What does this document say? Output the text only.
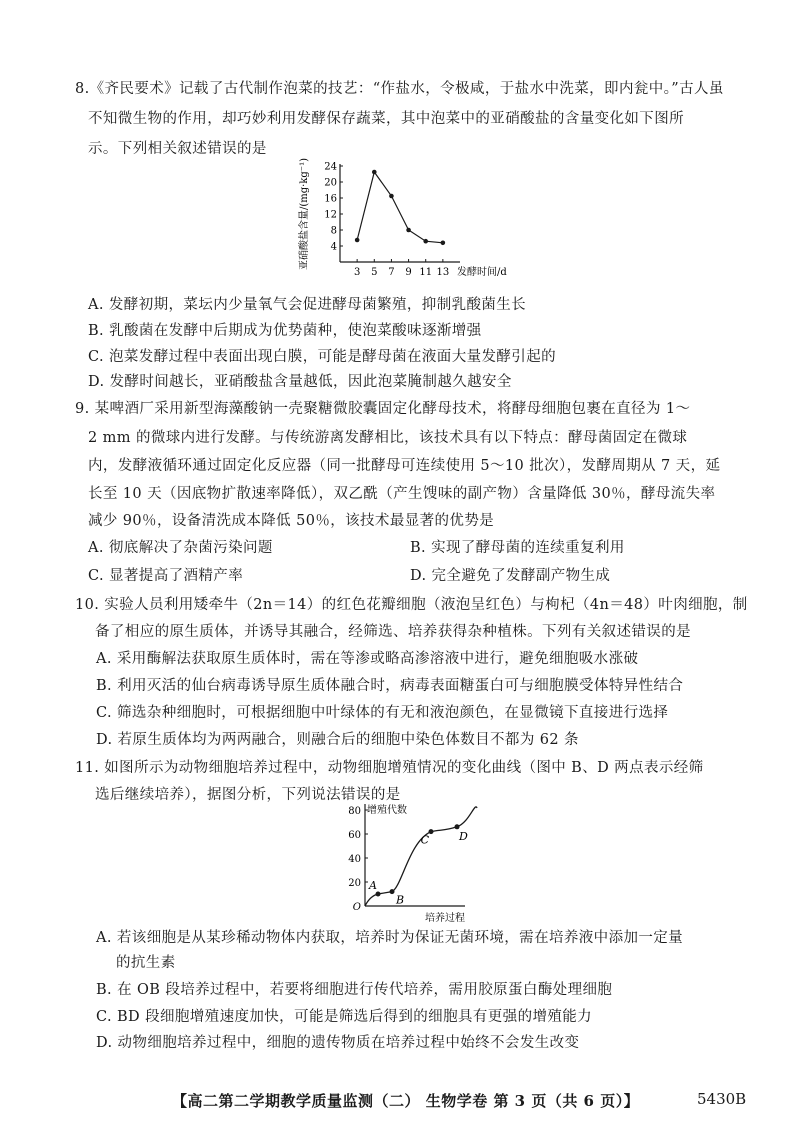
8.《齐民要术》记载了古代制作泡菜的技艺：“作盐水，令极咸，于盐水中洗菜，即内瓮中。”古人虽
不知微生物的作用，却巧妙利用发酵保存蔬菜，其中泡菜中的亚硝酸盐的含量变化如下图所
示。下列相关叙述错误的是
4
8
12
16
20
24
3 5 7 9 11 13 发酵时间/d
亚硝酸盐含量/(mg·kg⁻¹)
A. 发酵初期，菜坛内少量氧气会促进酵母菌繁殖，抑制乳酸菌生长
B. 乳酸菌在发酵中后期成为优势菌种，使泡菜酸味逐渐增强
C. 泡菜发酵过程中表面出现白膜，可能是酵母菌在液面大量发酵引起的
D. 发酵时间越长，亚硝酸盐含量越低，因此泡菜腌制越久越安全
9. 某啤酒厂采用新型海藻酸钠一壳聚糖微胶囊固定化酵母技术，将酵母细胞包裹在直径为 1～
2 mm 的微球内进行发酵。与传统游离发酵相比，该技术具有以下特点：酵母菌固定在微球
内，发酵液循环通过固定化反应器（同一批酵母可连续使用 5～10 批次），发酵周期从 7 天，延
长至 10 天（因底物扩散速率降低），双乙酰（产生馊味的副产物）含量降低 30％，酵母流失率
减少 90％，设备清洗成本降低 50％，该技术最显著的优势是
A. 彻底解决了杂菌污染问题	B. 实现了酵母菌的连续重复利用
C. 显著提高了酒精产率	D. 完全避免了发酵副产物生成
10. 实验人员利用矮牵牛（2n＝14）的红色花瓣细胞（液泡呈红色）与枸杞（4n＝48）叶肉细胞，制
备了相应的原生质体，并诱导其融合，经筛选、培养获得杂种植株。下列有关叙述错误的是
A. 采用酶解法获取原生质体时，需在等渗或略高渗溶液中进行，避免细胞吸水涨破
B. 利用灭活的仙台病毒诱导原生质体融合时，病毒表面糖蛋白可与细胞膜受体特异性结合
C. 筛选杂种细胞时，可根据细胞中叶绿体的有无和液泡颜色，在显微镜下直接进行选择
D. 若原生质体均为两两融合，则融合后的细胞中染色体数目不都为 62 条
11. 如图所示为动物细胞培养过程中，动物细胞增殖情况的变化曲线（图中 B、D 两点表示经筛
选后继续培养），据图分析，下列说法错误的是
O
20
40
60
80
A
B
C	D
增殖代数
培养过程
A. 若该细胞是从某珍稀动物体内获取，培养时为保证无菌环境，需在培养液中添加一定量
的抗生素
B. 在 OB 段培养过程中，若要将细胞进行传代培养，需用胶原蛋白酶处理细胞
C. BD 段细胞增殖速度加快，可能是筛选后得到的细胞具有更强的增殖能力
D. 动物细胞培养过程中，细胞的遗传物质在培养过程中始终不会发生改变
【高二第二学期教学质量监测（二） 生物学卷 第 3 页（共 6 页）】	5430B
